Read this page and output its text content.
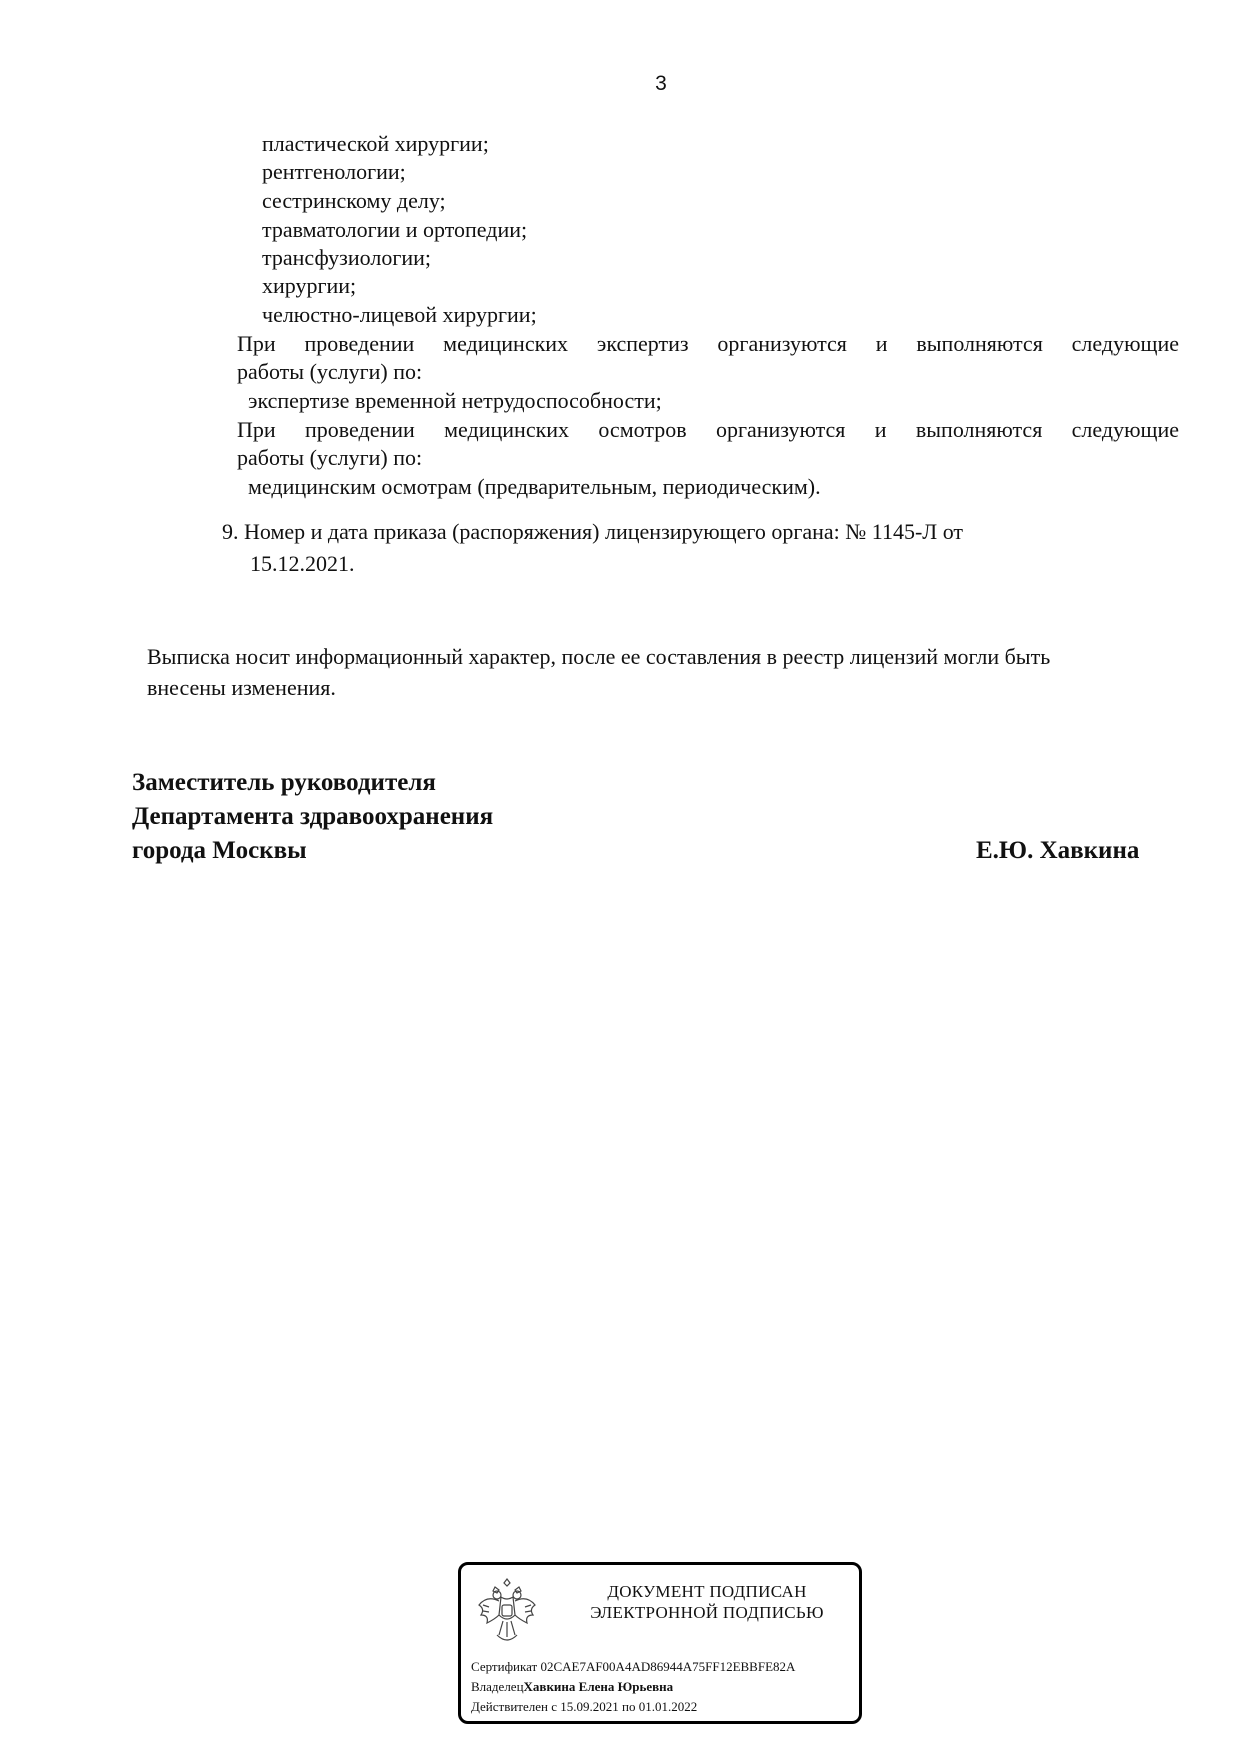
3
пластической хирургии;
рентгенологии;
сестринскому делу;
травматологии и ортопедии;
трансфузиологии;
хирургии;
челюстно-лицевой хирургии;
При проведении медицинских экспертиз организуются и выполняются следующие
работы (услуги) по:
экспертизе временной нетрудоспособности;
При проведении медицинских осмотров организуются и выполняются следующие
работы (услуги) по:
медицинским осмотрам (предварительным, периодическим).
9. Номер и дата приказа (распоряжения) лицензирующего органа: № 1145-Л от
15.12.2021.
Выписка носит информационный характер, после ее составления в реестр лицензий могли быть
внесены изменения.
Заместитель руководителя
Департамента здравоохранения
города Москвы	Е.Ю. Хавкина
ДОКУМЕНТ ПОДПИСАН
ЭЛЕКТРОННОЙ ПОДПИСЬЮ
Сертификат 02CAE7AF00A4AD86944A75FF12EBBFE82A
ВладелецХавкина Елена Юрьевна
Действителен с 15.09.2021 по 01.01.2022
